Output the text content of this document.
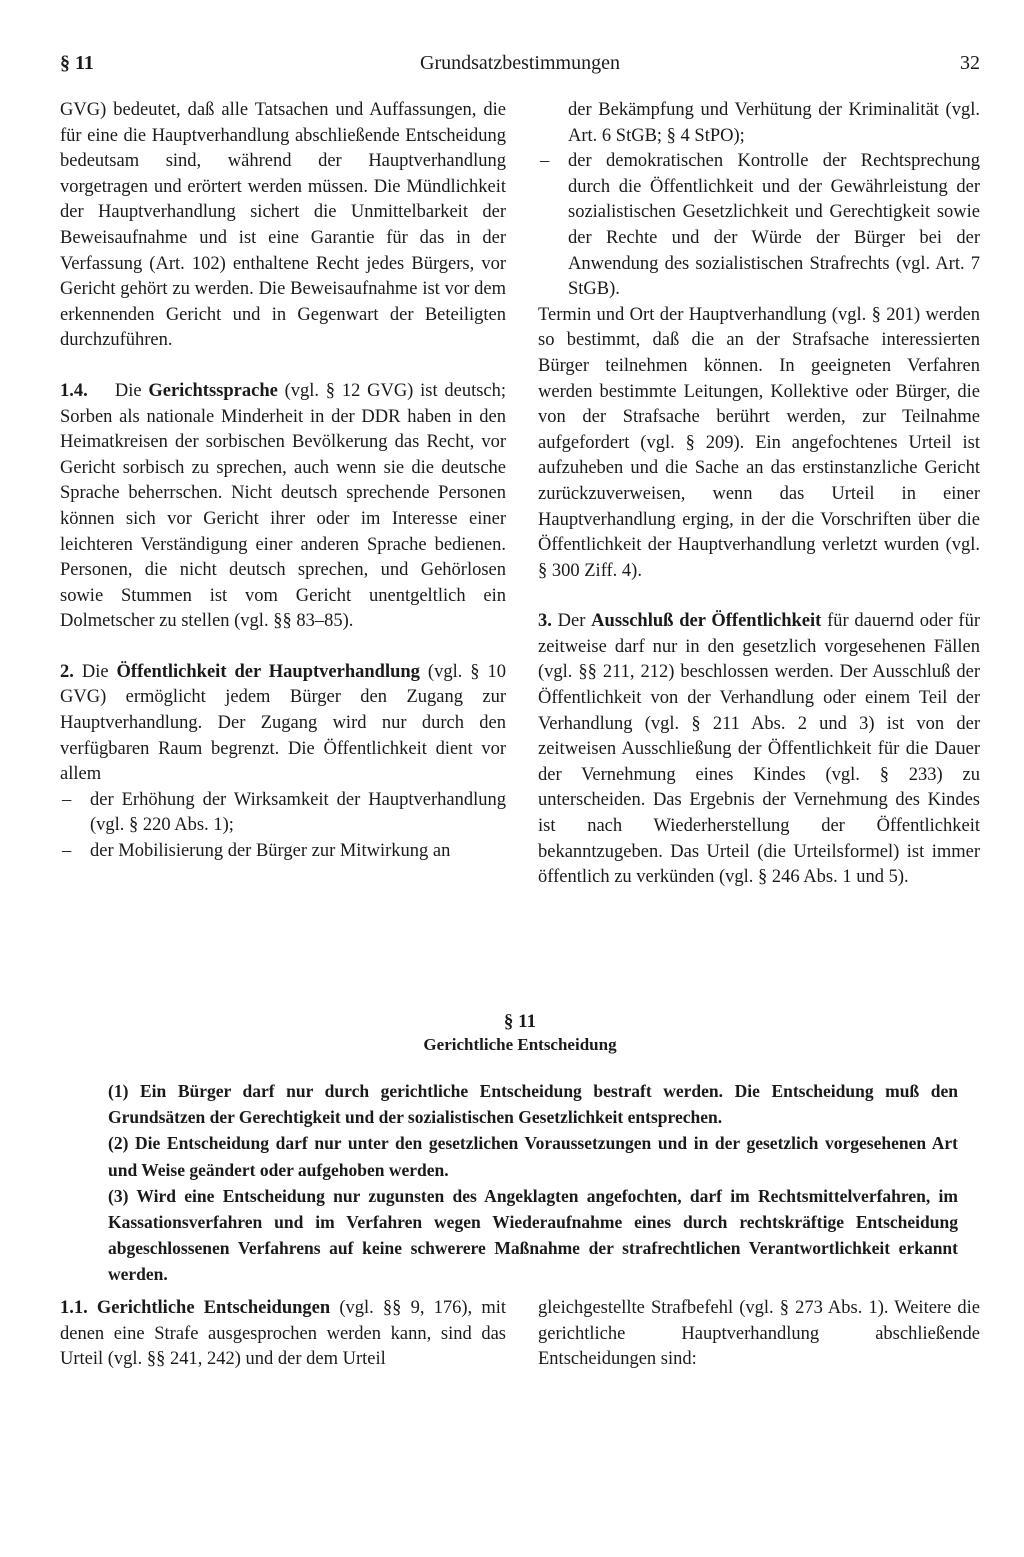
§ 11	Grundsatzbestimmungen	32

GVG) bedeutet, daß alle Tatsachen und Auffassungen, die für eine die Hauptverhandlung abschließende Entscheidung bedeutsam sind, während der Hauptverhandlung vorgetragen und erörtert werden müssen. Die Mündlichkeit der Hauptverhandlung sichert die Unmittelbarkeit der Beweisaufnahme und ist eine Garantie für das in der Verfassung (Art. 102) enthaltene Recht jedes Bürgers, vor Gericht gehört zu werden. Die Beweisaufnahme ist vor dem erkennenden Gericht und in Gegenwart der Beteiligten durchzuführen.

1.4. Die Gerichtssprache (vgl. § 12 GVG) ist deutsch; Sorben als nationale Minderheit in der DDR haben in den Heimatkreisen der sorbischen Bevölkerung das Recht, vor Gericht sorbisch zu sprechen, auch wenn sie die deutsche Sprache beherrschen. Nicht deutsch sprechende Personen können sich vor Gericht ihrer oder im Interesse einer leichteren Verständigung einer anderen Sprache bedienen. Personen, die nicht deutsch sprechen, und Gehörlosen sowie Stummen ist vom Gericht unentgeltlich ein Dolmetscher zu stellen (vgl. §§ 83–85).

2. Die Öffentlichkeit der Hauptverhandlung (vgl. § 10 GVG) ermöglicht jedem Bürger den Zugang zur Hauptverhandlung. Der Zugang wird nur durch den verfügbaren Raum begrenzt. Die Öffentlichkeit dient vor allem

– der Erhöhung der Wirksamkeit der Hauptverhandlung (vgl. § 220 Abs. 1);
– der Mobilisierung der Bürger zur Mitwirkung an
der Bekämpfung und Verhütung der Kriminalität (vgl. Art. 6 StGB; § 4 StPO);
– der demokratischen Kontrolle der Rechtsprechung durch die Öffentlichkeit und der Gewährleistung der sozialistischen Gesetzlichkeit und Gerechtigkeit sowie der Rechte und der Würde der Bürger bei der Anwendung des sozialistischen Strafrechts (vgl. Art. 7 StGB).

Termin und Ort der Hauptverhandlung (vgl. § 201) werden so bestimmt, daß die an der Strafsache interessierten Bürger teilnehmen können. In geeigneten Verfahren werden bestimmte Leitungen, Kollektive oder Bürger, die von der Strafsache berührt werden, zur Teilnahme aufgefordert (vgl. § 209). Ein angefochtenes Urteil ist aufzuheben und die Sache an das erstinstanzliche Gericht zurückzuverweisen, wenn das Urteil in einer Hauptverhandlung erging, in der die Vorschriften über die Öffentlichkeit der Hauptverhandlung verletzt wurden (vgl. § 300 Ziff. 4).

3. Der Ausschluß der Öffentlichkeit für dauernd oder für zeitweise darf nur in den gesetzlich vorgesehenen Fällen (vgl. §§ 211, 212) beschlossen werden. Der Ausschluß der Öffentlichkeit von der Verhandlung oder einem Teil der Verhandlung (vgl. § 211 Abs. 2 und 3) ist von der zeitweisen Ausschließung der Öffentlichkeit für die Dauer der Vernehmung eines Kindes (vgl. § 233) zu unterscheiden. Das Ergebnis der Vernehmung des Kindes ist nach Wiederherstellung der Öffentlichkeit bekanntzugeben. Das Urteil (die Urteilsformel) ist immer öffentlich zu verkünden (vgl. § 246 Abs. 1 und 5).

§ 11
Gerichtliche Entscheidung

(1) Ein Bürger darf nur durch gerichtliche Entscheidung bestraft werden. Die Entscheidung muß den Grundsätzen der Gerechtigkeit und der sozialistischen Gesetzlichkeit entsprechen.

(2) Die Entscheidung darf nur unter den gesetzlichen Voraussetzungen und in der gesetzlich vorgesehenen Art und Weise geändert oder aufgehoben werden.

(3) Wird eine Entscheidung nur zugunsten des Angeklagten angefochten, darf im Rechtsmittelverfahren, im Kassationsverfahren und im Verfahren wegen Wiederaufnahme eines durch rechtskräftige Entscheidung abgeschlossenen Verfahrens auf keine schwerere Maßnahme der strafrechtlichen Verantwortlichkeit erkannt werden.

1.1. Gerichtliche Entscheidungen (vgl. §§ 9, 176), mit denen eine Strafe ausgesprochen werden kann, sind das Urteil (vgl. §§ 241, 242) und der dem Urteil

gleichgestellte Strafbefehl (vgl. § 273 Abs. 1). Weitere die gerichtliche Hauptverhandlung abschließende Entscheidungen sind:
